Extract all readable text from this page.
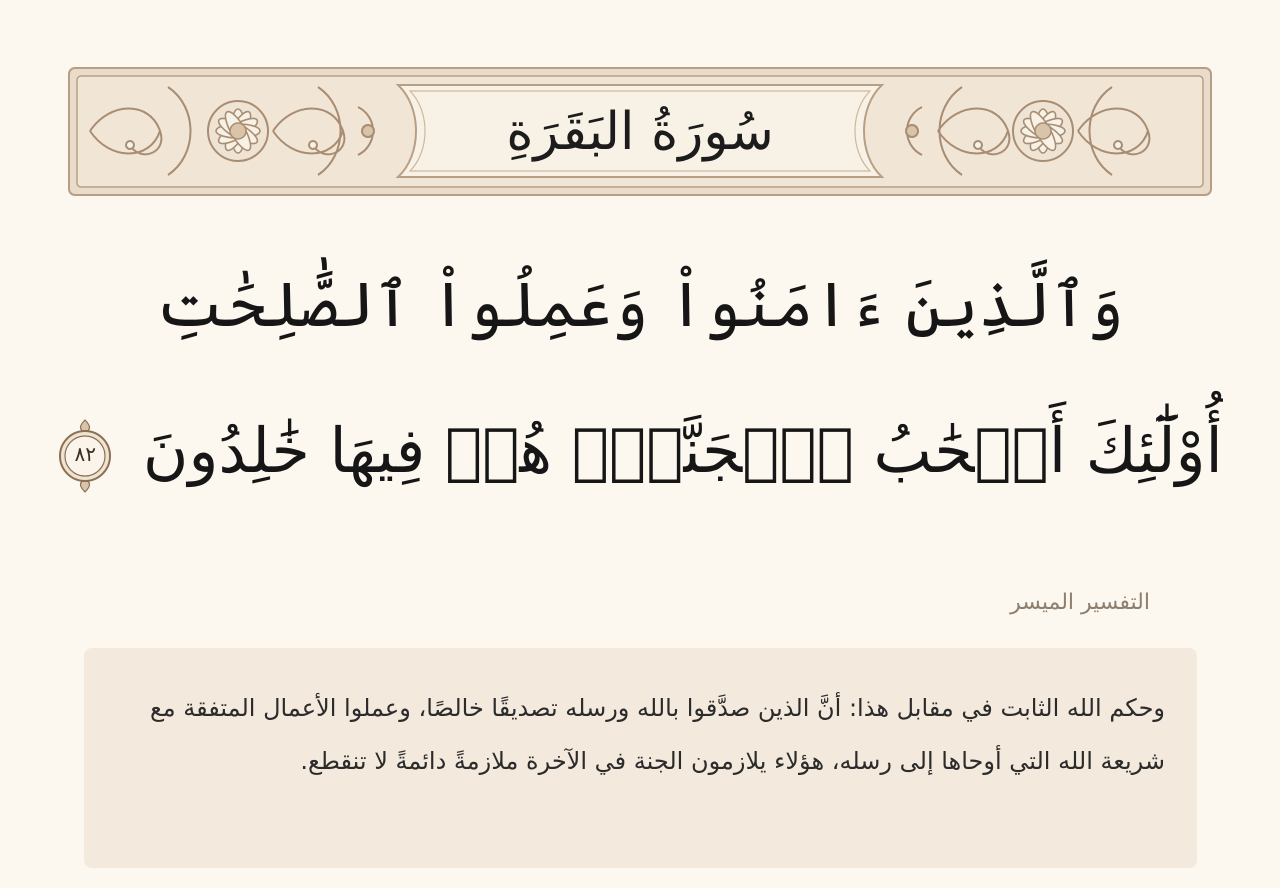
سُورَةُ البَقَرَةِ
وَٱلَّذِينَ ءَامَنُواْ وَعَمِلُواْ ٱلصَّٰلِحَٰتِ
أُوْلَٰٓئِكَ أَصۡحَٰبُ ٱلۡجَنَّةِۖ هُمۡ فِيهَا خَٰلِدُونَ
٨٢
التفسير الميسر

وحكم الله الثابت في مقابل هذا: أنَّ الذين صدَّقوا بالله ورسله تصديقًا خالصًا، وعملوا الأعمال المتفقة مع شريعة الله التي أوحاها إلى رسله، هؤلاء يلازمون الجنة في الآخرة ملازمةً دائمةً لا تنقطع.
